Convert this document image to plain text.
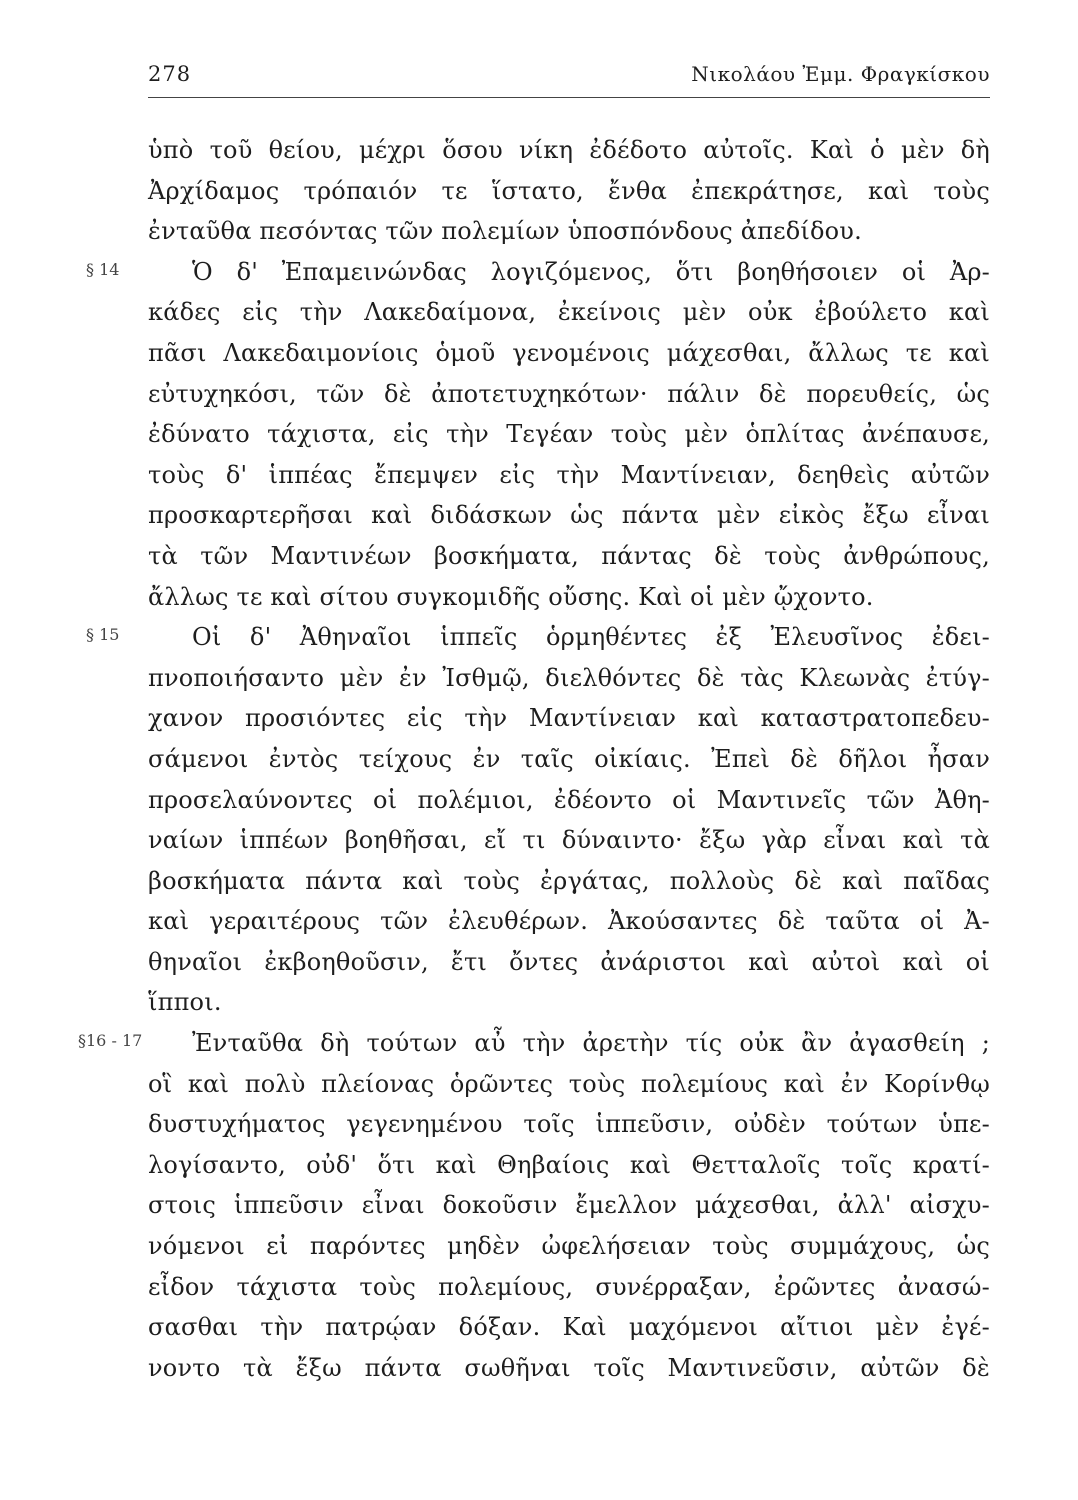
278	Νικολάου Ἐμμ. Φραγκίσκου
ὑπὸ τοῦ θείου, μέχρι ὅσου νίκη ἐδέδοτο αὐτοῖς. Καὶ ὁ μὲν δὴ
Ἀρχίδαμος τρόπαιόν τε ἵστατο, ἔνθα ἐπεκράτησε, καὶ τοὺς
ἐνταῦθα πεσόντας τῶν πολεμίων ὑποσπόνδους ἀπεδίδου.
§ 14	Ὁ δ' Ἐπαμεινώνδας λογιζόμενος, ὅτι βοηθήσοιεν οἱ Ἀρ-
κάδες εἰς τὴν Λακεδαίμονα, ἐκείνοις μὲν οὐκ ἐβούλετο καὶ
πᾶσι Λακεδαιμονίοις ὁμοῦ γενομένοις μάχεσθαι, ἄλλως τε καὶ
εὐτυχηκόσι, τῶν δὲ ἀποτετυχηκότων· πάλιν δὲ πορευθείς, ὡς
ἐδύνατο τάχιστα, εἰς τὴν Τεγέαν τοὺς μὲν ὁπλίτας ἀνέπαυσε,
τοὺς δ' ἱππέας ἔπεμψεν εἰς τὴν Μαντίνειαν, δεηθεὶς αὐτῶν
προσκαρτερῆσαι καὶ διδάσκων ὡς πάντα μὲν εἰκὸς ἔξω εἶναι
τὰ τῶν Μαντινέων βοσκήματα, πάντας δὲ τοὺς ἀνθρώπους,
ἄλλως τε καὶ σίτου συγκομιδῆς οὔσης. Καὶ οἱ μὲν ᾤχοντο.
§ 15	Οἱ δ' Ἀθηναῖοι ἱππεῖς ὁρμηθέντες ἐξ Ἐλευσῖνος ἐδει-
πνοποιήσαντο μὲν ἐν Ἰσθμῷ, διελθόντες δὲ τὰς Κλεωνὰς ἐτύγ-
χανον προσιόντες εἰς τὴν Μαντίνειαν καὶ καταστρατοπεδευ-
σάμενοι ἐντὸς τείχους ἐν ταῖς οἰκίαις. Ἐπεὶ δὲ δῆλοι ἦσαν
προσελαύνοντες οἱ πολέμιοι, ἐδέοντο οἱ Μαντινεῖς τῶν Ἀθη-
ναίων ἱππέων βοηθῆσαι, εἴ τι δύναιντο· ἔξω γὰρ εἶναι καὶ τὰ
βοσκήματα πάντα καὶ τοὺς ἐργάτας, πολλοὺς δὲ καὶ παῖδας
καὶ γεραιτέρους τῶν ἐλευθέρων. Ἀκούσαντες δὲ ταῦτα οἱ Ἀ-
θηναῖοι ἐκβοηθοῦσιν, ἔτι ὄντες ἀνάριστοι καὶ αὐτοὶ καὶ οἱ
ἵπποι.
§16 - 17 Ἐνταῦθα δὴ τούτων αὖ τὴν ἀρετὴν τίς οὐκ ἂν ἀγασθείη ;
οἳ καὶ πολὺ πλείονας ὁρῶντες τοὺς πολεμίους καὶ ἐν Κορίνθῳ
δυστυχήματος γεγενημένου τοῖς ἱππεῦσιν, οὐδὲν τούτων ὑπε-
λογίσαντο, οὐδ' ὅτι καὶ Θηβαίοις καὶ Θετταλοῖς τοῖς κρατί-
στοις ἱππεῦσιν εἶναι δοκοῦσιν ἔμελλον μάχεσθαι, ἀλλ' αἰσχυ-
νόμενοι εἰ παρόντες μηδὲν ὠφελήσειαν τοὺς συμμάχους, ὡς
εἶδον τάχιστα τοὺς πολεμίους, συνέρραξαν, ἐρῶντες ἀνασώ-
σασθαι τὴν πατρῴαν δόξαν. Καὶ μαχόμενοι αἴτιοι μὲν ἐγέ-
νοντο τὰ ἔξω πάντα σωθῆναι τοῖς Μαντινεῦσιν, αὐτῶν δὲ
